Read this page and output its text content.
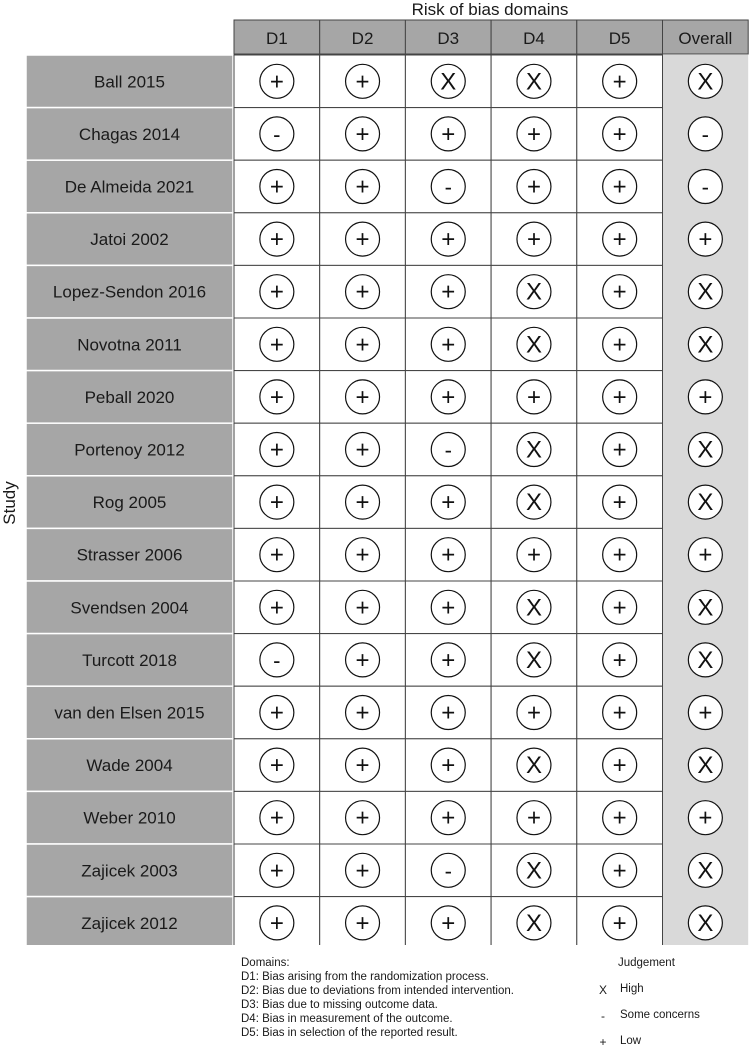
Risk of bias domains
Study
D1	D2	D3	D4	D5	Overall
Ball 2015	+	+	X	X	+	X
Chagas 2014	-	+	+	+	+	-
De Almeida 2021	+	+	-	+	+	-
Jatoi 2002	+	+	+	+	+	+
Lopez-Sendon 2016	+	+	+	X	+	X
Novotna 2011	+	+	+	X	+	X
Peball 2020	+	+	+	+	+	+
Portenoy 2012	+	+	-	X	+	X
Rog 2005	+	+	+	X	+	X
Strasser 2006	+	+	+	+	+	+
Svendsen 2004	+	+	+	X	+	X
Turcott 2018	-	+	+	X	+	X
van den Elsen 2015	+	+	+	+	+	+
Wade 2004	+	+	+	X	+	X
Weber 2010	+	+	+	+	+	+
Zajicek 2003	+	+	-	X	+	X
Zajicek 2012	+	+	+	X	+	X
Domains:
D1: Bias arising from the randomization process.
D2: Bias due to deviations from intended intervention.
D3: Bias due to missing outcome data.
D4: Bias in measurement of the outcome.
D5: Bias in selection of the reported result.
Judgement
X High
-	Some concerns
+	Low
